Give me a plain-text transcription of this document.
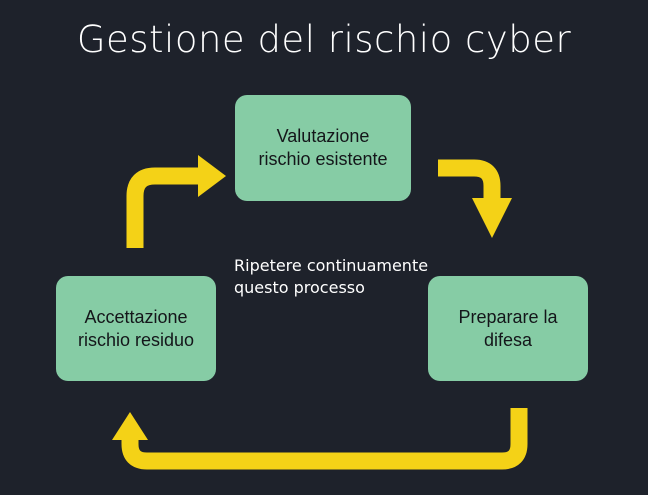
Gestione del rischio cyber
Valutazione
rischio esistente
Preparare la
difesa
Accettazione
rischio residuo
Ripetere continuamente
questo processo
